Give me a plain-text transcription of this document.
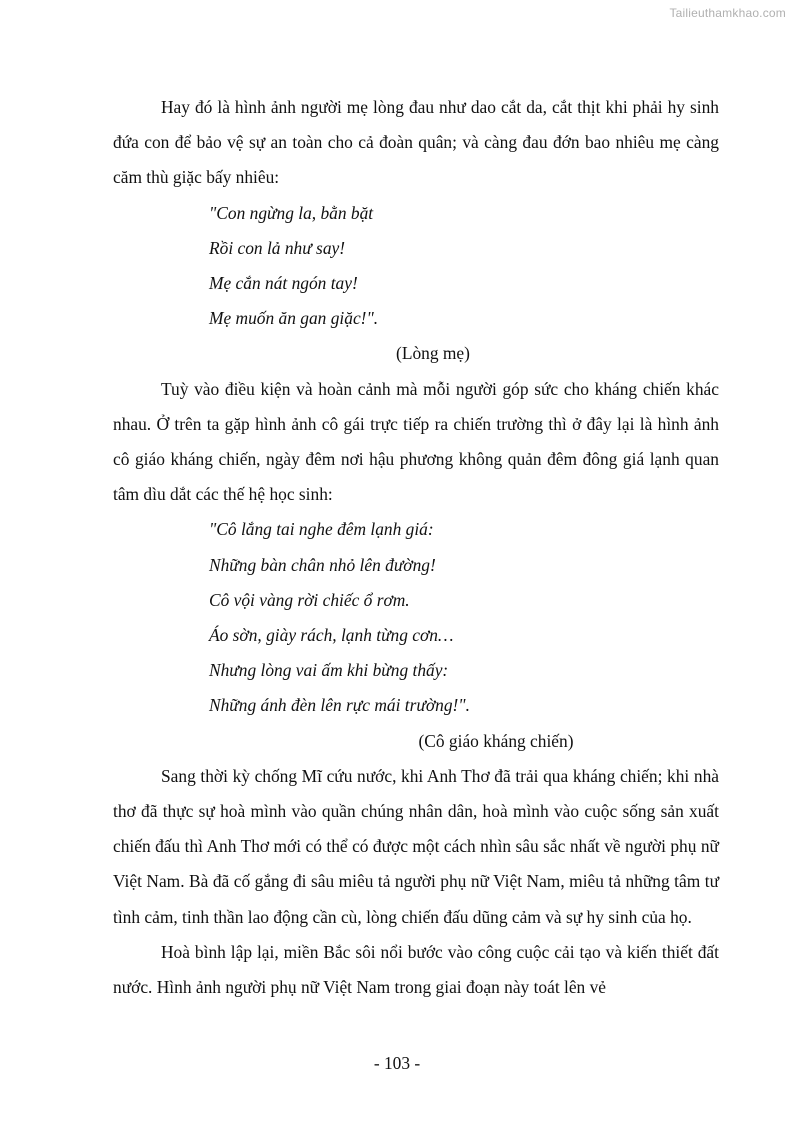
Tailieuthamkhao.com

Hay đó là hình ảnh người mẹ lòng đau như dao cắt da, cắt thịt khi phải hy sinh đứa con để bảo vệ sự an toàn cho cả đoàn quân; và càng đau đớn bao nhiêu mẹ càng căm thù giặc bấy nhiêu:

"Con ngừng la, bằn bặt
Rồi con lả như say!
Mẹ cắn nát ngón tay!
Mẹ muốn ăn gan giặc!".

(Lòng mẹ)

Tuỳ vào điều kiện và hoàn cảnh mà mỗi người góp sức cho kháng chiến khác nhau. Ở trên ta gặp hình ảnh cô gái trực tiếp ra chiến trường thì ở đây lại là hình ảnh cô giáo kháng chiến, ngày đêm nơi hậu phương không quản đêm đông giá lạnh quan tâm dìu dắt các thế hệ học sinh:

"Cô lắng tai nghe đêm lạnh giá:
Những bàn chân nhỏ lên đường!
Cô vội vàng rời chiếc ổ rơm.
Áo sờn, giày rách, lạnh từng cơn…
Nhưng lòng vai ấm khi bừng thấy:
Những ánh đèn lên rực mái trường!".

(Cô giáo kháng chiến)

Sang thời kỳ chống Mĩ cứu nước, khi Anh Thơ đã trải qua kháng chiến; khi nhà thơ đã thực sự hoà mình vào quần chúng nhân dân, hoà mình vào cuộc sống sản xuất chiến đấu thì Anh Thơ mới có thể có được một cách nhìn sâu sắc nhất về người phụ nữ Việt Nam. Bà đã cố gắng đi sâu miêu tả người phụ nữ Việt Nam, miêu tả những tâm tư tình cảm, tinh thần lao động cần cù, lòng chiến đấu dũng cảm và sự hy sinh của họ.

Hoà bình lập lại, miền Bắc sôi nổi bước vào công cuộc cải tạo và kiến thiết đất nước. Hình ảnh người phụ nữ Việt Nam trong giai đoạn này toát lên vẻ

- 103 -
